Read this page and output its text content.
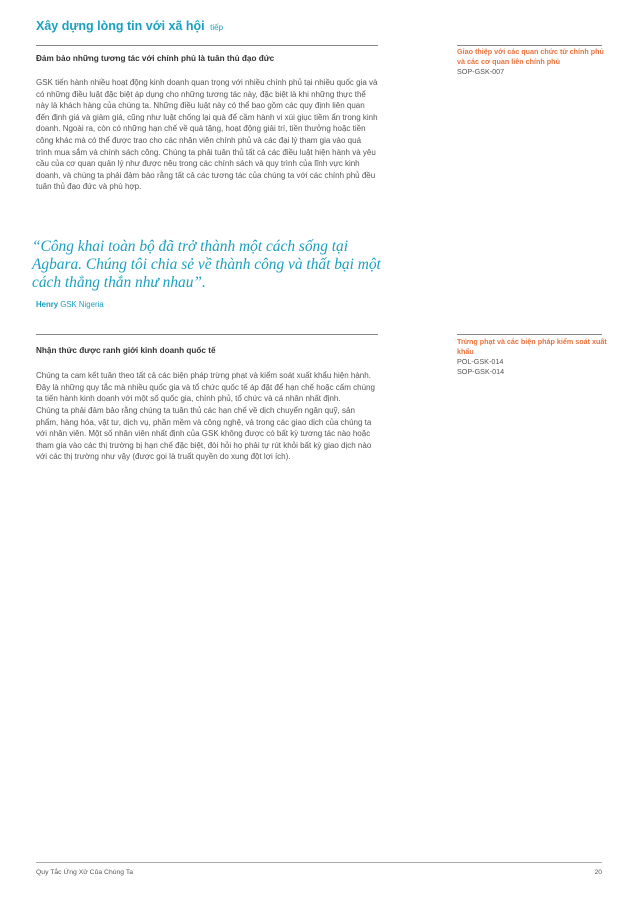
Xây dựng lòng tin với xã hội tiếp
Đảm bảo những tương tác với chính phủ là tuân thủ đạo đức

GSK tiến hành nhiều hoạt động kinh doanh quan trọng với nhiều chính phủ tại nhiều quốc gia và có những điều luật đặc biệt áp dụng cho những tương tác này, đặc biệt là khi những thực thể này là khách hàng của chúng ta. Những điều luật này có thể bao gồm các quy định liên quan đến định giá và giảm giá, cũng như luật chống lại quà để cầm hành vi xúi giục tiềm ẩn trong kinh doanh. Ngoài ra, còn có những hạn chế về quà tặng, hoạt động giải trí, tiền thưởng hoặc tiền công khác mà có thể được trao cho các nhân viên chính phủ và các đại lý tham gia vào quá trình mua sắm và chính sách công. Chúng ta phải tuân thủ tất cả các điều luật hiện hành và yêu cầu của cơ quan quản lý như được nêu trong các chính sách và quy trình của lĩnh vực kinh doanh, và chúng ta phải đảm bảo rằng tất cả các tương tác của chúng ta với các chính phủ đều tuân thủ đạo đức và phù hợp.

“Công khai toàn bộ đã trở thành một cách sống tại Agbara. Chúng tôi chia sẻ về thành công và thất bại một cách thẳng thắn như nhau”.

Henry GSK Nigeria
Giao thiệp với các quan chức từ chính phủ và các cơ quan liên chính phủ
SOP-GSK-007
Nhận thức được ranh giới kinh doanh quốc tế

Chúng ta cam kết tuân theo tất cả các biện pháp trừng phạt và kiểm soát xuất khẩu hiện hành. Đây là những quy tắc mà nhiều quốc gia và tổ chức quốc tế áp đặt để hạn chế hoặc cấm chúng ta tiến hành kinh doanh với một số quốc gia, chính phủ, tổ chức và cá nhân nhất định.

Chúng ta phải đảm bảo rằng chúng ta tuân thủ các hạn chế về dịch chuyển ngân quỹ, sản phẩm, hàng hóa, vật tư, dịch vụ, phần mềm và công nghệ, và trong các giao dịch của chúng ta với nhân viên. Một số nhân viên nhất định của GSK không được có bất kỳ tương tác nào hoặc tham gia vào các thị trường bị hạn chế đặc biệt, đòi hỏi họ phải tự rút khỏi bất kỳ giao dịch nào với các thị trường như vậy (được gọi là truất quyền do xung đột lợi ích).

Trừng phạt và các biện pháp kiểm soát xuất khẩu
POL-GSK-014
SOP-GSK-014
Quy Tắc Ứng Xử Của Chúng Ta	20
